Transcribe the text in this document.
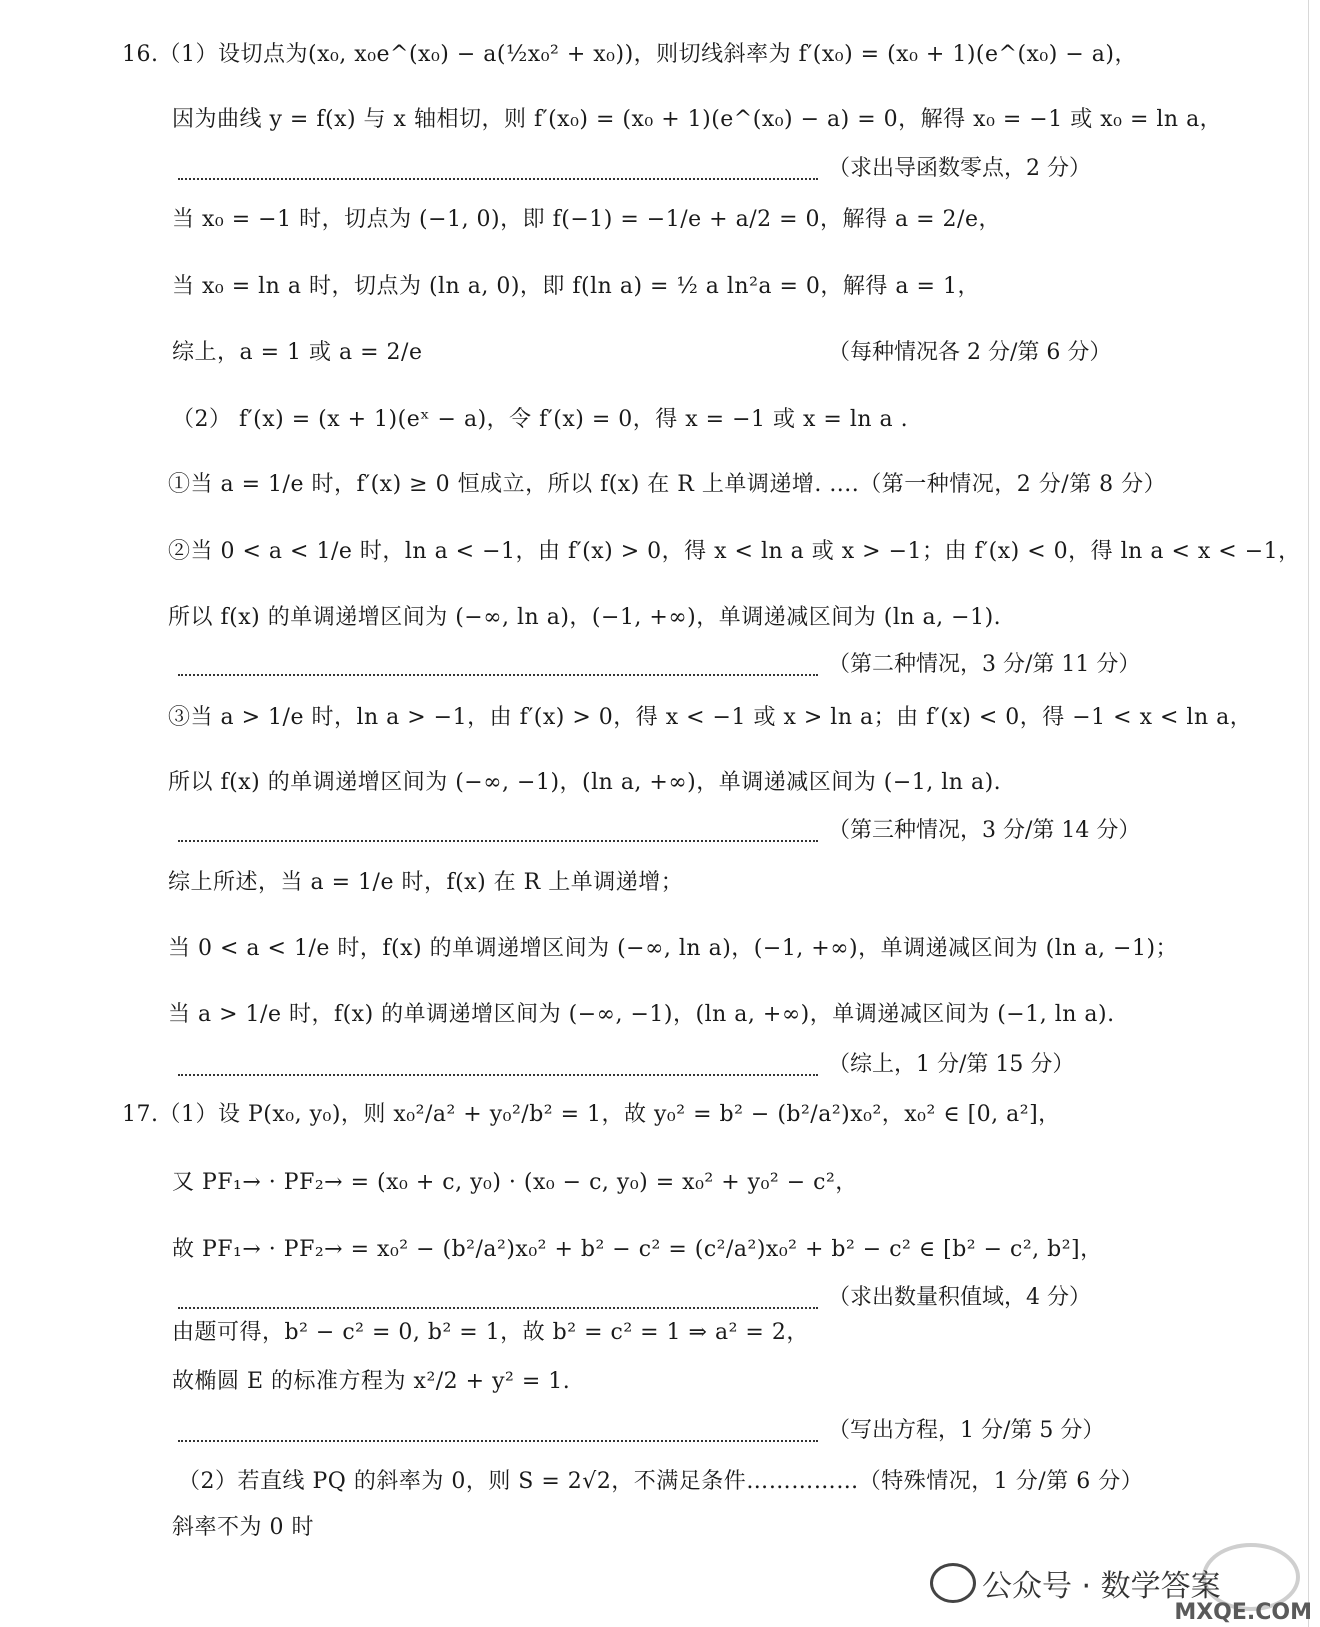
16.（1）设切点为(x₀, x₀e^(x₀) − a(½x₀² + x₀))，则切线斜率为 f′(x₀) = (x₀ + 1)(e^(x₀) − a)，
因为曲线 y = f(x) 与 x 轴相切，则 f′(x₀) = (x₀ + 1)(e^(x₀) − a) = 0，解得 x₀ = −1 或 x₀ = ln a，
（求出导函数零点，2 分）
当 x₀ = −1 时，切点为 (−1, 0)，即 f(−1) = −1/e + a/2 = 0，解得 a = 2/e，
当 x₀ = ln a 时，切点为 (ln a, 0)，即 f(ln a) = ½ a ln²a = 0，解得 a = 1，
综上，a = 1 或 a = 2/e	（每种情况各 2 分/第 6 分）
（2） f′(x) = (x + 1)(eˣ − a)，令 f′(x) = 0，得 x = −1 或 x = ln a .
①当 a = 1/e 时，f′(x) ≥ 0 恒成立，所以 f(x) 在 R 上单调递增. ....（第一种情况，2 分/第 8 分）
②当 0 < a < 1/e 时，ln a < −1，由 f′(x) > 0，得 x < ln a 或 x > −1；由 f′(x) < 0，得 ln a < x < −1，
所以 f(x) 的单调递增区间为 (−∞, ln a)，(−1, +∞)，单调递减区间为 (ln a, −1).
（第二种情况，3 分/第 11 分）
③当 a > 1/e 时，ln a > −1，由 f′(x) > 0，得 x < −1 或 x > ln a；由 f′(x) < 0，得 −1 < x < ln a，
所以 f(x) 的单调递增区间为 (−∞, −1)，(ln a, +∞)，单调递减区间为 (−1, ln a).
（第三种情况，3 分/第 14 分）
综上所述，当 a = 1/e 时，f(x) 在 R 上单调递增；
当 0 < a < 1/e 时，f(x) 的单调递增区间为 (−∞, ln a)，(−1, +∞)，单调递减区间为 (ln a, −1)；
当 a > 1/e 时，f(x) 的单调递增区间为 (−∞, −1)，(ln a, +∞)，单调递减区间为 (−1, ln a).
（综上，1 分/第 15 分）
17.（1）设 P(x₀, y₀)，则 x₀²/a² + y₀²/b² = 1，故 y₀² = b² − (b²/a²)x₀²，x₀² ∈ [0, a²]，
又 PF₁→ · PF₂→ = (x₀ + c, y₀) · (x₀ − c, y₀) = x₀² + y₀² − c²，
故 PF₁→ · PF₂→ = x₀² − (b²/a²)x₀² + b² − c² = (c²/a²)x₀² + b² − c² ∈ [b² − c², b²]，
（求出数量积值域，4 分）
由题可得，b² − c² = 0, b² = 1，故 b² = c² = 1 ⇒ a² = 2，
故椭圆 E 的标准方程为 x²/2 + y² = 1.
（写出方程，1 分/第 5 分）
（2）若直线 PQ 的斜率为 0，则 S = 2√2，不满足条件……………（特殊情况，1 分/第 6 分）
斜率不为 0 时
公众号 · 数学答案
MXQE.COM
